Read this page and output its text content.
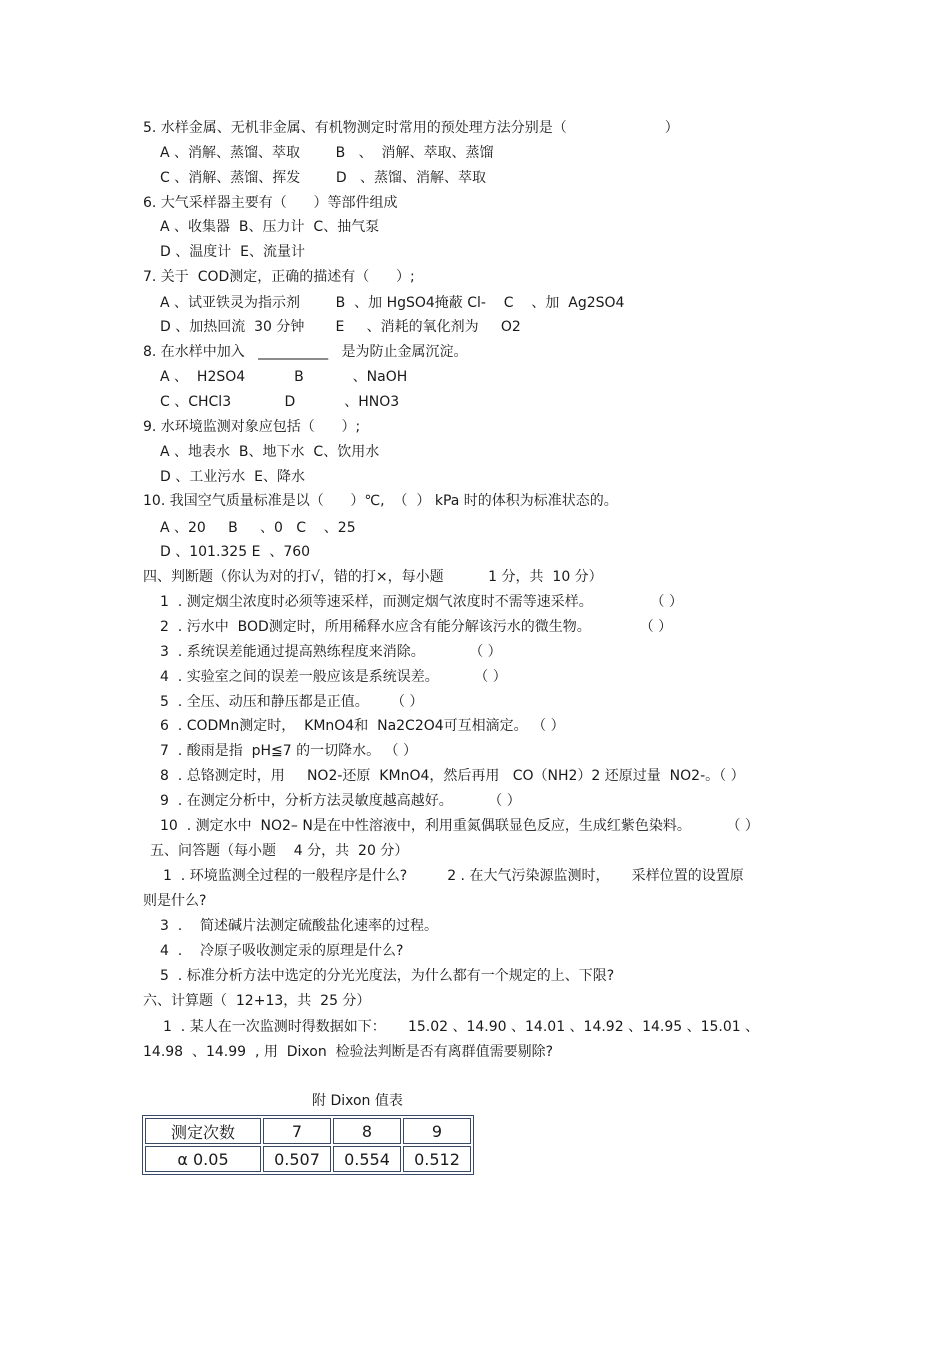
5. 水样金属、无机非金属、有机物测定时常用的预处理方法分别是（                      ）

A 、消解、蒸馏、萃取        B   、  消解、萃取、蒸馏

C 、消解、蒸馏、挥发        D   、蒸馏、消解、萃取

6. 大气采样器主要有（      ）等部件组成

A 、收集器  B、压力计  C、抽气泵

D 、温度计  E、流量计

7. 关于  COD测定，正确的描述有（      ）;

A 、试亚铁灵为指示剂        B  、加 HgSO4掩蔽 Cl-    C    、加  Ag2SO4

D 、加热回流  30 分钟       E     、消耗的氧化剂为     O2

8. 在水样中加入   __________   是为防止金属沉淀。

A 、  H2SO4           B           、NaOH

C 、CHCl3            D           、HNO3

9. 水环境监测对象应包括（      ）;

A 、地表水  B、地下水  C、饮用水

D 、工业污水  E、降水

10. 我国空气质量标准是以（      ）℃,  （  ） kPa 时的体积为标准状态的。

A 、20     B     、0   C    、25

D 、101.325 E  、760

四、判断题（你认为对的打√，错的打×，每小题          1 分，共  10 分）

1  . 测定烟尘浓度时必须等速采样，而测定烟气浓度时不需等速采样。             （ ）

2  . 污水中  BOD测定时，所用稀释水应含有能分解该污水的微生物。           （ ）

3  . 系统误差能通过提高熟练程度来消除。          （ ）

4  . 实验室之间的误差一般应该是系统误差。        （ ）

5  . 全压、动压和静压都是正值。     （ ）

6  . CODMn测定时，  KMnO4和  Na2C2O4可互相滴定。 （ ）

7  . 酸雨是指  pH≦7 的一切降水。 （ ）

8  . 总铬测定时，用     NO2-还原  KMnO4，然后再用   CO（NH2）2 还原过量  NO2-。（ ）

9  . 在测定分析中，分析方法灵敏度越高越好。        （ ）

10  . 测定水中  NO2– N是在中性溶液中，利用重氮偶联显色反应，生成红紫色染料。        （ ）

五、问答题（每小题    4 分，共  20 分）

1  . 环境监测全过程的一般程序是什么?         2 . 在大气污染源监测时，     采样位置的设置原

则是什么?

3  .    简述碱片法测定硫酸盐化速率的过程。

4  .    冷原子吸收测定汞的原理是什么?

5  . 标准分析方法中选定的分光光度法，为什么都有一个规定的上、下限?

六、计算题（  12+13，共  25 分）

1  . 某人在一次监测时得数据如下：     15.02 、14.90 、14.01 、14.92 、14.95 、15.01 、

14.98  、14.99  , 用  Dixon  检验法判断是否有离群值需要剔除?

附 Dixon 值表
测定次数	7	8	9
α 0.05	0.507	0.554	0.512
